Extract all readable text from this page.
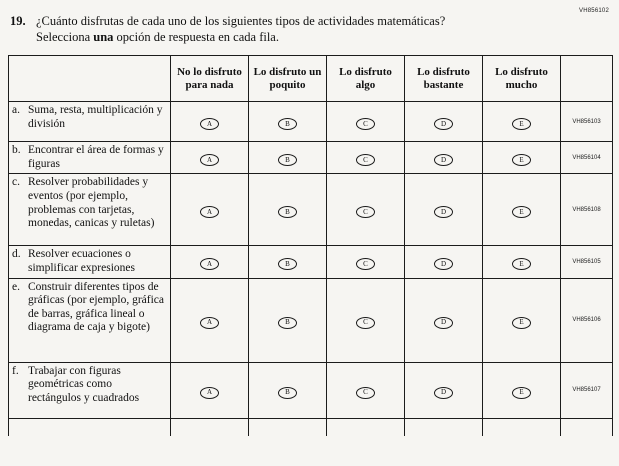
VH856102
19. ¿Cuánto disfrutas de cada uno de los siguientes tipos de actividades matemáticas? Selecciona una opción de respuesta en cada fila.
	No lo disfruto para nada	Lo disfruto un poquito	Lo disfruto algo	Lo disfruto bastante	Lo disfruto mucho	

a. Suma, resta, multiplicación y división	A	B	C	D	E	VH856103

b. Encontrar el área de formas y figuras	A	B	C	D	E	VH856104

c. Resolver probabilidades y eventos (por ejemplo, problemas con tarjetas, monedas, canicas y ruletas)	A	B	C	D	E	VH856108

d. Resolver ecuaciones o simplificar expresiones	A	B	C	D	E	VH856105

e. Construir diferentes tipos de gráficas (por ejemplo, gráfica de barras, gráfica lineal o diagrama de caja y bigote)	A	B	C	D	E	VH856106

f. Trabajar con figuras geométricas como rectángulos y cuadrados	A	B	C	D	E	VH856107
